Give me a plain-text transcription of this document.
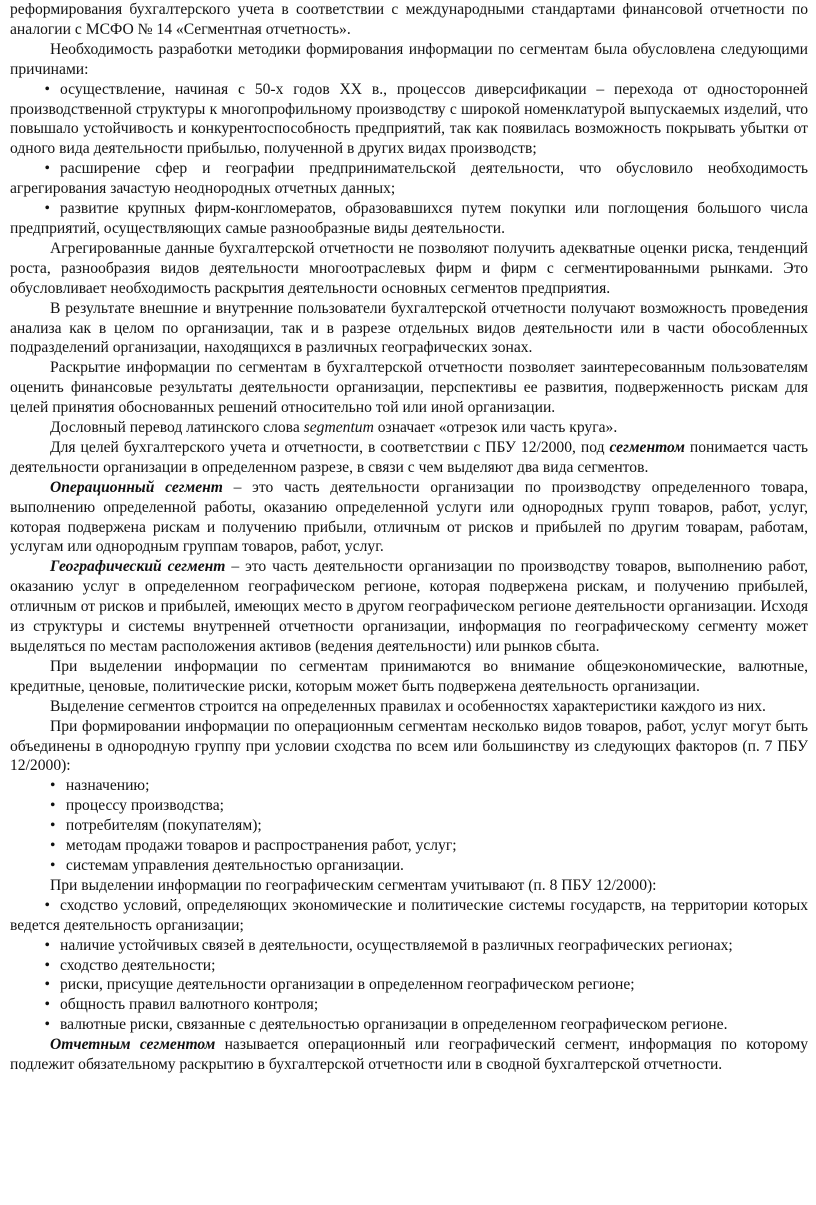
реформирования бухгалтерского учета в соответствии с международными стандартами финансовой отчетности по аналогии с МСФО № 14 «Сегментная отчетность».

Необходимость разработки методики формирования информации по сегментам была обусловлена следующими причинами:

• осуществление, начиная с 50-х годов XX в., процессов диверсификации – перехода от односторонней производственной структуры к многопрофильному производству с широкой номенклатурой выпускаемых изделий, что повышало устойчивость и конкурентоспособность предприятий, так как появилась возможность покрывать убытки от одного вида деятельности прибылью, полученной в других видах производств;

• расширение сфер и географии предпринимательской деятельности, что обусловило необходимость агрегирования зачастую неоднородных отчетных данных;

• развитие крупных фирм-конгломератов, образовавшихся путем покупки или поглощения большого числа предприятий, осуществляющих самые разнообразные виды деятельности.

Агрегированные данные бухгалтерской отчетности не позволяют получить адекватные оценки риска, тенденций роста, разнообразия видов деятельности многоотраслевых фирм и фирм с сегментированными рынками. Это обусловливает необходимость раскрытия деятельности основных сегментов предприятия.

В результате внешние и внутренние пользователи бухгалтерской отчетности получают возможность проведения анализа как в целом по организации, так и в разрезе отдельных видов деятельности или в части обособленных подразделений организации, находящихся в различных географических зонах.

Раскрытие информации по сегментам в бухгалтерской отчетности позволяет заинтересованным пользователям оценить финансовые результаты деятельности организации, перспективы ее развития, подверженность рискам для целей принятия обоснованных решений относительно той или иной организации.

Дословный перевод латинского слова segmentum означает «отрезок или часть круга».

Для целей бухгалтерского учета и отчетности, в соответствии с ПБУ 12/2000, под сегментом понимается часть деятельности организации в определенном разрезе, в связи с чем выделяют два вида сегментов.

Операционный сегмент – это часть деятельности организации по производству определенного товара, выполнению определенной работы, оказанию определенной услуги или однородных групп товаров, работ, услуг, которая подвержена рискам и получению прибыли, отличным от рисков и прибылей по другим товарам, работам, услугам или однородным группам товаров, работ, услуг.

Географический сегмент – это часть деятельности организации по производству товаров, выполнению работ, оказанию услуг в определенном географическом регионе, которая подвержена рискам, и получению прибылей, отличным от рисков и прибылей, имеющих место в другом географическом регионе деятельности организации. Исходя из структуры и системы внутренней отчетности организации, информация по географическому сегменту может выделяться по местам расположения активов (ведения деятельности) или рынков сбыта.

При выделении информации по сегментам принимаются во внимание общеэкономические, валютные, кредитные, ценовые, политические риски, которым может быть подвержена деятельность организации.

Выделение сегментов строится на определенных правилах и особенностях характеристики каждого из них.

При формировании информации по операционным сегментам несколько видов товаров, работ, услуг могут быть объединены в однородную группу при условии сходства по всем или большинству из следующих факторов (п. 7 ПБУ 12/2000):

• назначению;

• процессу производства;

• потребителям (покупателям);

• методам продажи товаров и распространения работ, услуг;

• системам управления деятельностью организации.

При выделении информации по географическим сегментам учитывают (п. 8 ПБУ 12/2000):

• сходство условий, определяющих экономические и политические системы государств, на территории которых ведется деятельность организации;

• наличие устойчивых связей в деятельности, осуществляемой в различных географических регионах;

• сходство деятельности;

• риски, присущие деятельности организации в определенном географическом регионе;

• общность правил валютного контроля;

• валютные риски, связанные с деятельностью организации в определенном географическом регионе.

Отчетным сегментом называется операционный или географический сегмент, информация по которому подлежит обязательному раскрытию в бухгалтерской отчетности или в сводной бухгалтерской отчетности.
